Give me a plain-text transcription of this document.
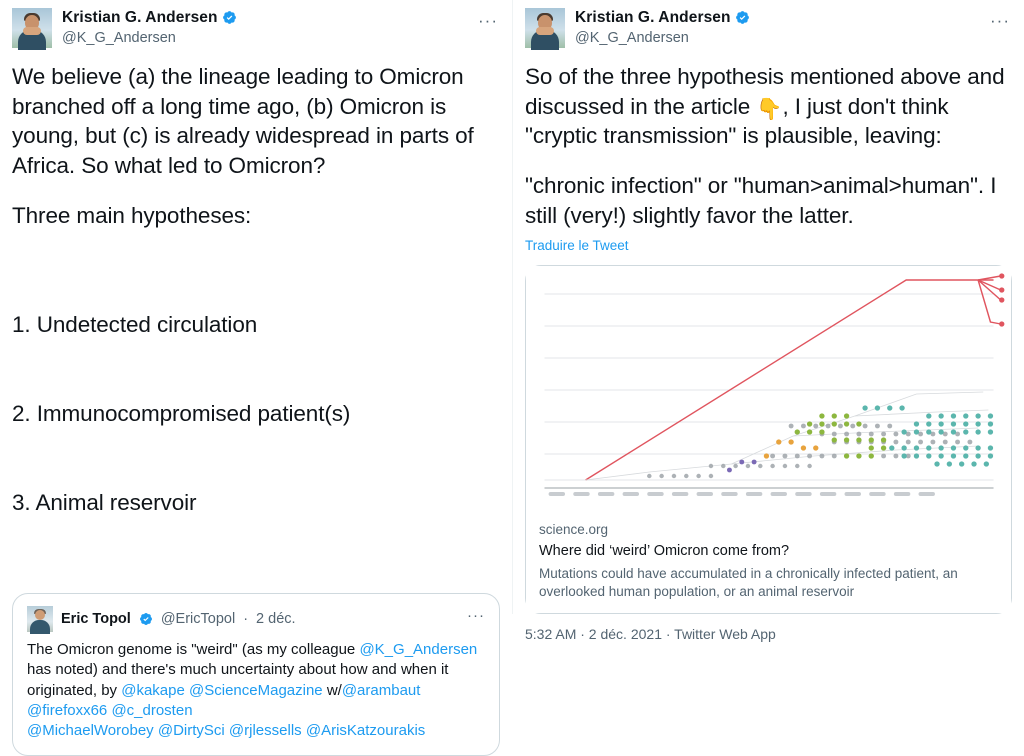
Kristian G. Andersen
@K_G_Andersen
···
We believe (a) the lineage leading to Omicron branched off a long time ago, (b) Omicron is young, but (c) is already widespread in parts of Africa. So what led to Omicron?
Three main hypotheses:

1. Undetected circulation

2. Immunocompromised patient(s)

3. Animal reservoir

Eric Topol @EricTopol · 2 déc.	···
The Omicron genome is "weird" (as my colleague @K_G_Andersen has noted) and there's much uncertainty about how and when it originated, by @kakape @ScienceMagazine w/@arambaut @firefoxx66 @c_drosten
@MichaelWorobey @DirtySci @rjlessells @ArisKatzourakis
Kristian G. Andersen
@K_G_Andersen
···
So of the three hypothesis mentioned above and discussed in the article 👇, I just don't think "cryptic transmission" is plausible, leaving:
"chronic infection" or "human>animal>human". I still (very!) slightly favor the latter.
Traduire le Tweet
science.org
Where did ‘weird’ Omicron come from?
Mutations could have accumulated in a chronically infected patient, an overlooked human population, or an animal reservoir
5:32 AM · 2 déc. 2021 · Twitter Web App
